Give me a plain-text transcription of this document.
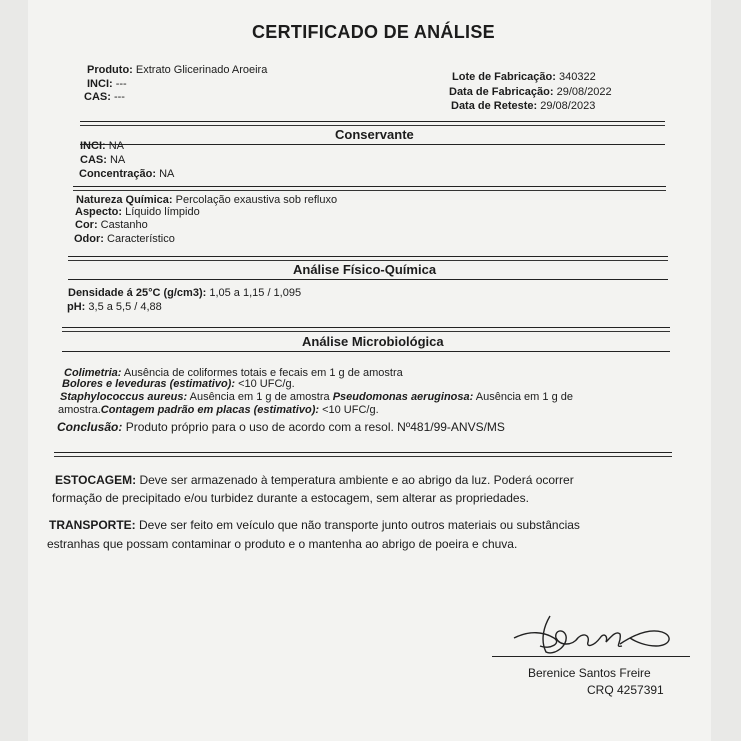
CERTIFICADO DE ANÁLISE
Produto: Extrato Glicerinado Aroeira
INCI: ---
CAS: ---
Lote de Fabricação: 340322
Data de Fabricação: 29/08/2022
Data de Reteste: 29/08/2023
Conservante
INCI: NA
CAS: NA
Concentração: NA
Natureza Química: Percolação exaustiva sob refluxo
Aspecto: Líquido límpido
Cor: Castanho
Odor: Característico
Análise Físico-Química
Densidade á 25°C (g/cm3): 1,05 a 1,15 / 1,095
pH: 3,5 a 5,5 / 4,88
Análise Microbiológica
Colimetria: Ausência de coliformes totais e fecais em 1 g de amostra
Bolores e leveduras (estimativo): <10 UFC/g.
Staphylococcus aureus: Ausência em 1 g de amostra Pseudomonas aeruginosa: Ausência em 1 g de
amostra.Contagem padrão em placas (estimativo): <10 UFC/g.
Conclusão: Produto próprio para o uso de acordo com a resol. Nº481/99-ANVS/MS
ESTOCAGEM: Deve ser armazenado à temperatura ambiente e ao abrigo da luz. Poderá ocorrer
formação de precipitado e/ou turbidez durante a estocagem, sem alterar as propriedades.
TRANSPORTE: Deve ser feito em veículo que não transporte junto outros materiais ou substâncias
estranhas que possam contaminar o produto e o mantenha ao abrigo de poeira e chuva.
Berenice Santos Freire
CRQ 4257391
